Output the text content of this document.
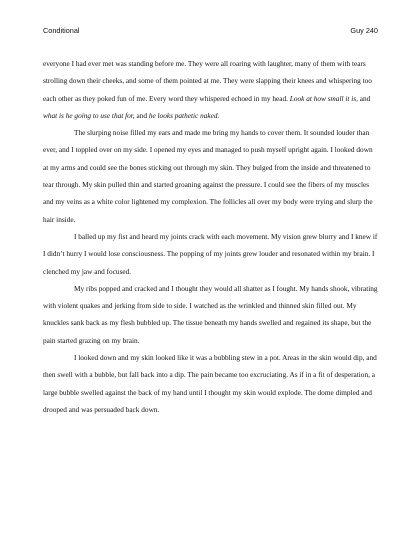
Conditional	Guy 240

everyone I had ever met was standing before me. They were all roaring with laughter, many of them with tears strolling down their cheeks, and some of them pointed at me. They were slapping their knees and whispering too each other as they poked fun of me. Every word they whispered echoed in my head. Look at how small it is, and what is he going to use that for, and he looks pathetic naked.

The slurping noise filled my ears and made me bring my hands to cover them. It sounded louder than ever, and I toppled over on my side. I opened my eyes and managed to push myself upright again. I looked down at my arms and could see the bones sticking out through my skin. They bulged from the inside and threatened to tear through. My skin pulled thin and started groaning against the pressure. I could see the fibers of my muscles and my veins as a white color lightened my complexion. The follicles all over my body were trying and slurp the hair inside.

I balled up my fist and heard my joints crack with each movement. My vision grew blurry and I knew if I didn’t hurry I would lose consciousness. The popping of my joints grew louder and resonated within my brain. I clenched my jaw and focused.

My ribs popped and cracked and I thought they would all shatter as I fought. My hands shook, vibrating with violent quakes and jerking from side to side. I watched as the wrinkled and thinned skin filled out. My knuckles sank back as my flesh bubbled up. The tissue beneath my hands swelled and regained its shape, but the pain started grazing on my brain.

I looked down and my skin looked like it was a bubbling stew in a pot. Areas in the skin would dip, and then swell with a bubble, but fall back into a dip. The pain became too excruciating. As if in a fit of desperation, a large bubble swelled against the back of my hand until I thought my skin would explode. The dome dimpled and drooped and was persuaded back down.
